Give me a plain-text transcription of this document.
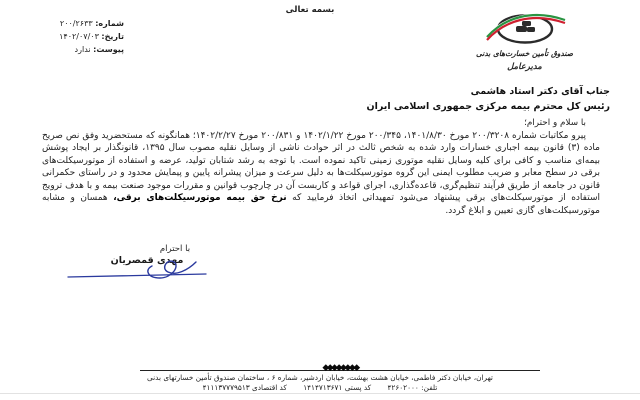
بسمه تعالی
شماره: ۲۰۰/۲۶۳۳
تاریخ: ۱۴۰۲/۰۷/۰۳
پیوست: ندارد	صندوق تأمین خسارت‌های بدنی
مدیرعامل
جناب آقای دکتر استاد هاشمی
رئیس کل محترم بیمه مرکزی جمهوری اسلامی ایران
با سلام و احترام؛

پیرو مکاتبات شماره ۲۰۰/۳۲۰۸ مورخ ۱۴۰۱/۸/۳۰، ۲۰۰/۳۴۵ مورخ ۱۴۰۲/۱/۲۲ و ۲۰۰/۸۳۱ مورخ ۱۴۰۲/۲/۲۷؛ همانگونه که مستحضرید وفق نص صریح ماده (۳) قانون بیمه اجباری خسارات وارد شده به شخص ثالث در اثر حوادث ناشی از وسایل نقلیه مصوب سال ۱۳۹۵، قانونگذار بر ایجاد پوشش بیمه‌ای مناسب و کافی برای کلیه وسایل نقلیه موتوری زمینی تاکید نموده است. با توجه به رشد شتابان تولید، عرضه و استفاده از موتورسیکلت‌های برقی در سطح معابر و ضریب مطلوب ایمنی این گروه موتورسیکلت‌ها به دلیل سرعت و میزان پیشرانه پایین و پیمایش محدود و در راستای حکمرانی قانون در جامعه از طریق فرآیند تنظیم‌گری، قاعده‌گذاری، اجرای قواعد و کاربست آن در چارچوب قوانین و مقررات موجود صنعت بیمه و با هدف ترویج استفاده از موتورسیکلت‌های برقی پیشنهاد می‌شود تمهیداتی اتخاذ فرمایید که نرخ حق بیمه موتورسیکلت‌های برقی، همسان و مشابه موتورسیکلت‌های گازی تعیین و ابلاغ گردد.

با احترام
مهدی قمصریان
◆◆◆◆◆◆◆◆
تهران، خیابان دکتر فاطمی، خیابان هشت بهشت، خیابان اردشیر، شماره ۶ ، ساختمان صندوق تأمین خسارتهای بدنی
تلفن: ۴۲۶۰۲۰۰۰ کد پستی ۱۴۱۴۷۱۳۶۷۱ کد اقتصادی ۴۱۱۱۳۷۷۷۹۵۱۳
